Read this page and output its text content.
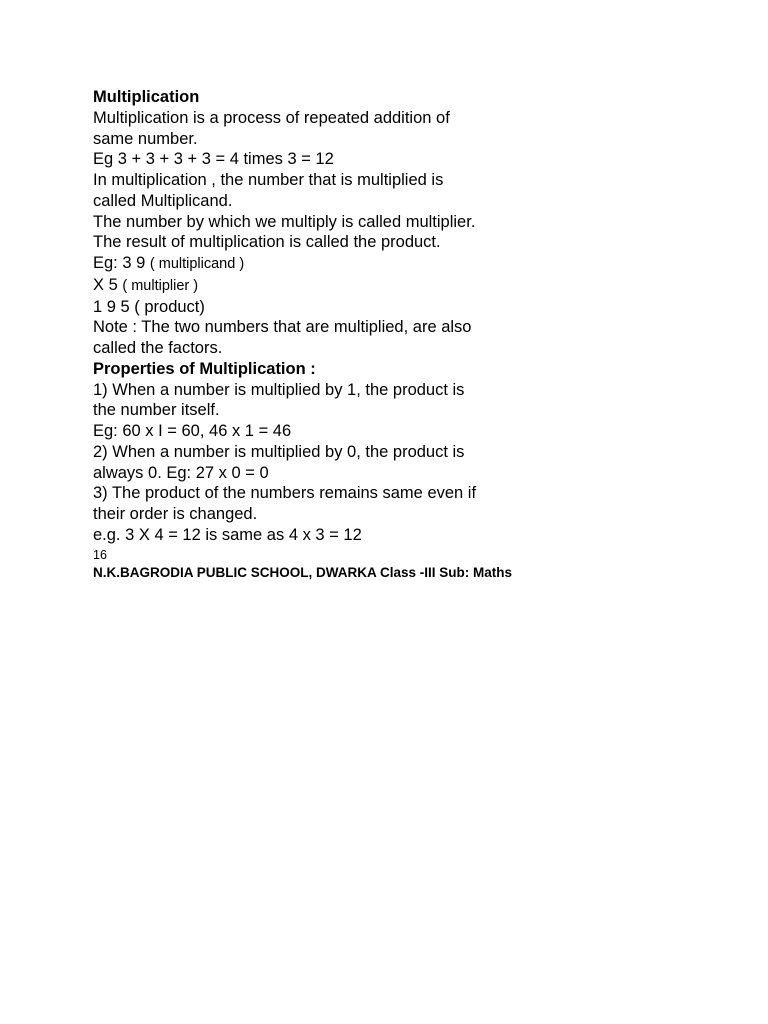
Multiplication
Multiplication is a process of repeated addition of
same number.
Eg 3 + 3 + 3 + 3 = 4 times 3 = 12
In multiplication , the number that is multiplied is
called Multiplicand.
The number by which we multiply is called multiplier.
The result of multiplication is called the product.
Eg: 3 9 ( multiplicand )
X 5 ( multiplier )
1 9 5 ( product)
Note : The two numbers that are multiplied, are also
called the factors.
Properties of Multiplication :
1) When a number is multiplied by 1, the product is
the number itself.
Eg: 60 x I = 60, 46 x 1 = 46
2) When a number is multiplied by 0, the product is
always 0. Eg: 27 x 0 = 0
3) The product of the numbers remains same even if
their order is changed.
e.g. 3 X 4 = 12 is same as 4 x 3 = 12
16
N.K.BAGRODIA PUBLIC SCHOOL, DWARKA Class -III Sub: Maths
